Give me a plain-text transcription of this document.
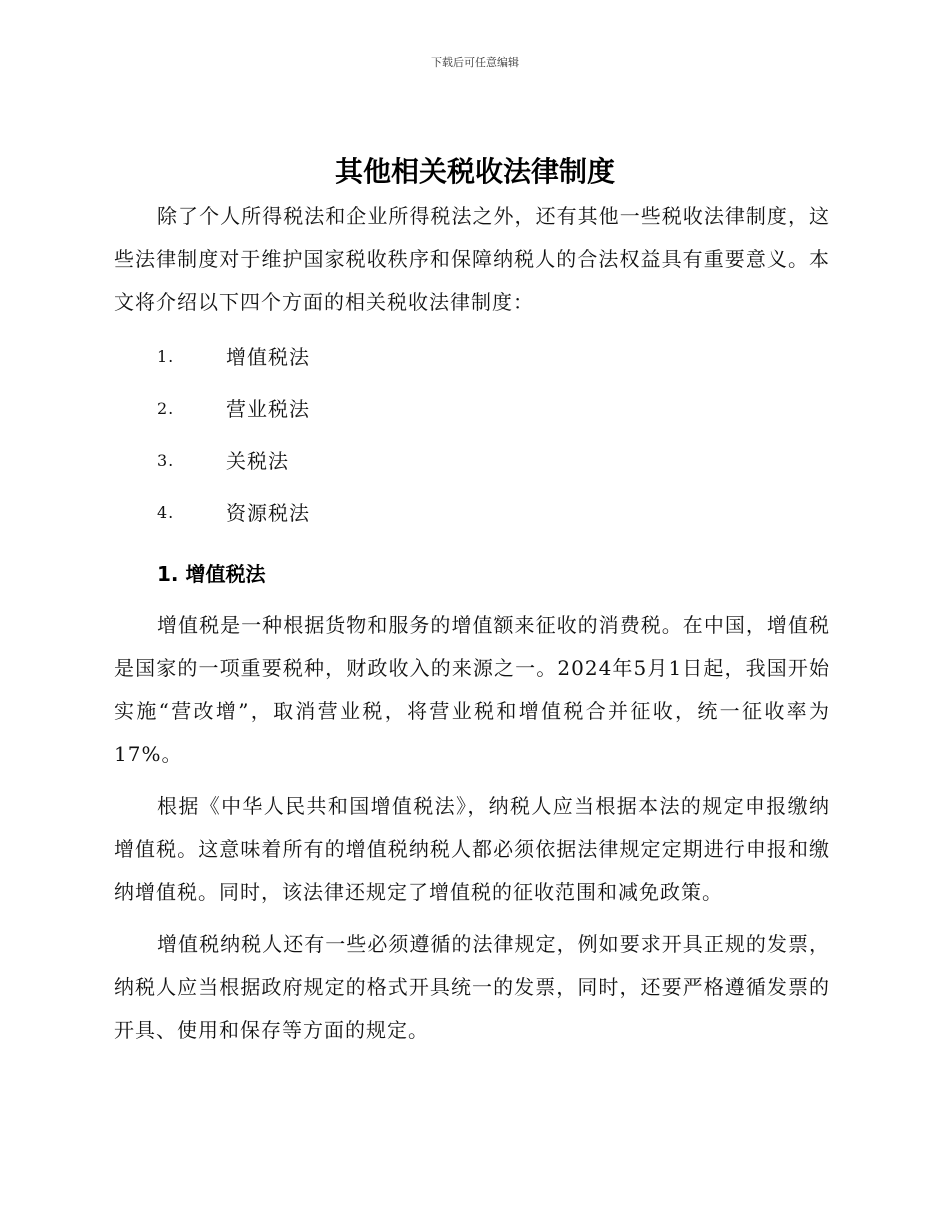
下载后可任意编辑
其他相关税收法律制度

除了个人所得税法和企业所得税法之外，还有其他一些税收法律制度，这些法律制度对于维护国家税收秩序和保障纳税人的合法权益具有重要意义。本文将介绍以下四个方面的相关税收法律制度：

1.	增值税法
2.	营业税法
3.	关税法
4.	资源税法
1. 增值税法

增值税是一种根据货物和服务的增值额来征收的消费税。在中国，增值税是国家的一项重要税种，财政收入的来源之一。2024年5月1日起，我国开始实施“营改增”，取消营业税，将营业税和增值税合并征收，统一征收率为17%。

根据《中华人民共和国增值税法》，纳税人应当根据本法的规定申报缴纳增值税。这意味着所有的增值税纳税人都必须依据法律规定定期进行申报和缴纳增值税。同时，该法律还规定了增值税的征收范围和减免政策。

增值税纳税人还有一些必须遵循的法律规定，例如要求开具正规的发票，纳税人应当根据政府规定的格式开具统一的发票，同时，还要严格遵循发票的开具、使用和保存等方面的规定。
